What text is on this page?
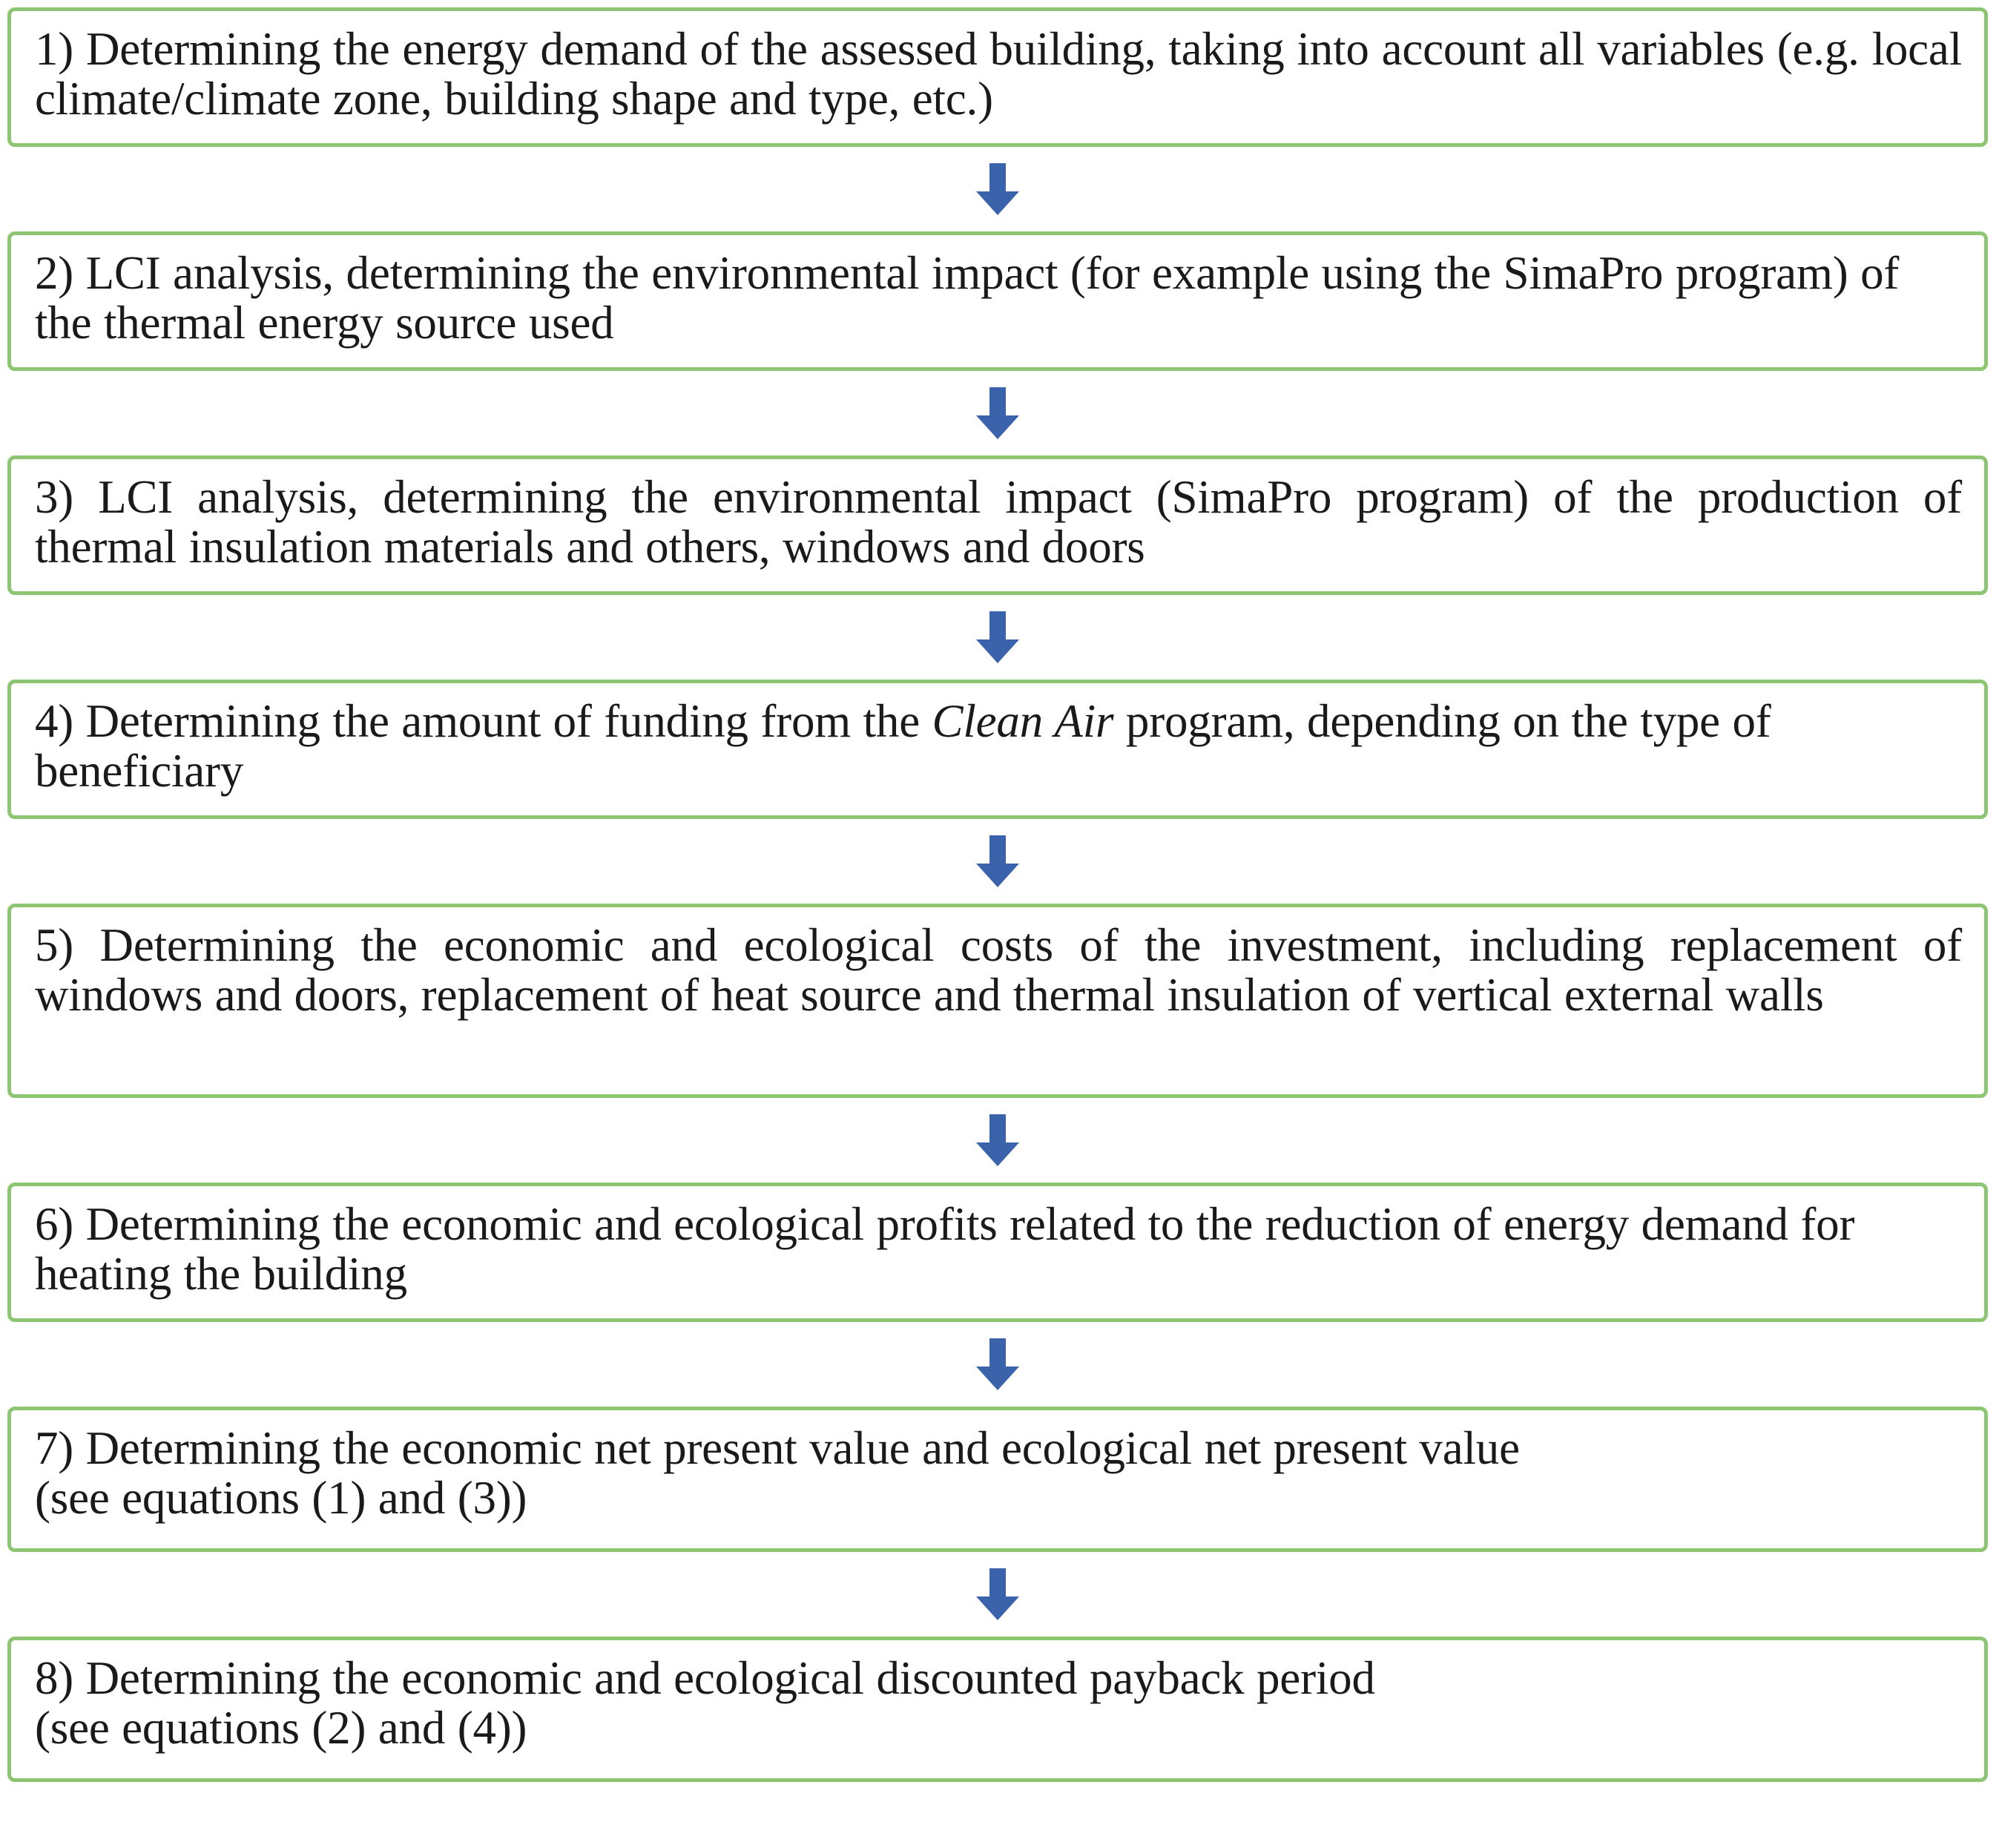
1) Determining the energy demand of the assessed building, taking into account all variables (e.g. local climate/climate zone, building shape and type, etc.)

2) LCI analysis, determining the environmental impact (for example using the SimaPro program) of the thermal energy source used

3) LCI analysis, determining the environmental impact (SimaPro program) of the production of thermal insulation materials and others, windows and doors

4) Determining the amount of funding from the Clean Air program, depending on the type of beneficiary

5) Determining the economic and ecological costs of the investment, including replacement of windows and doors, replacement of heat source and thermal insulation of vertical external walls

6) Determining the economic and ecological profits related to the reduction of energy demand for heating the building

7) Determining the economic net present value and ecological net present value
(see equations (1) and (3))

8) Determining the economic and ecological discounted payback period
(see equations (2) and (4))
